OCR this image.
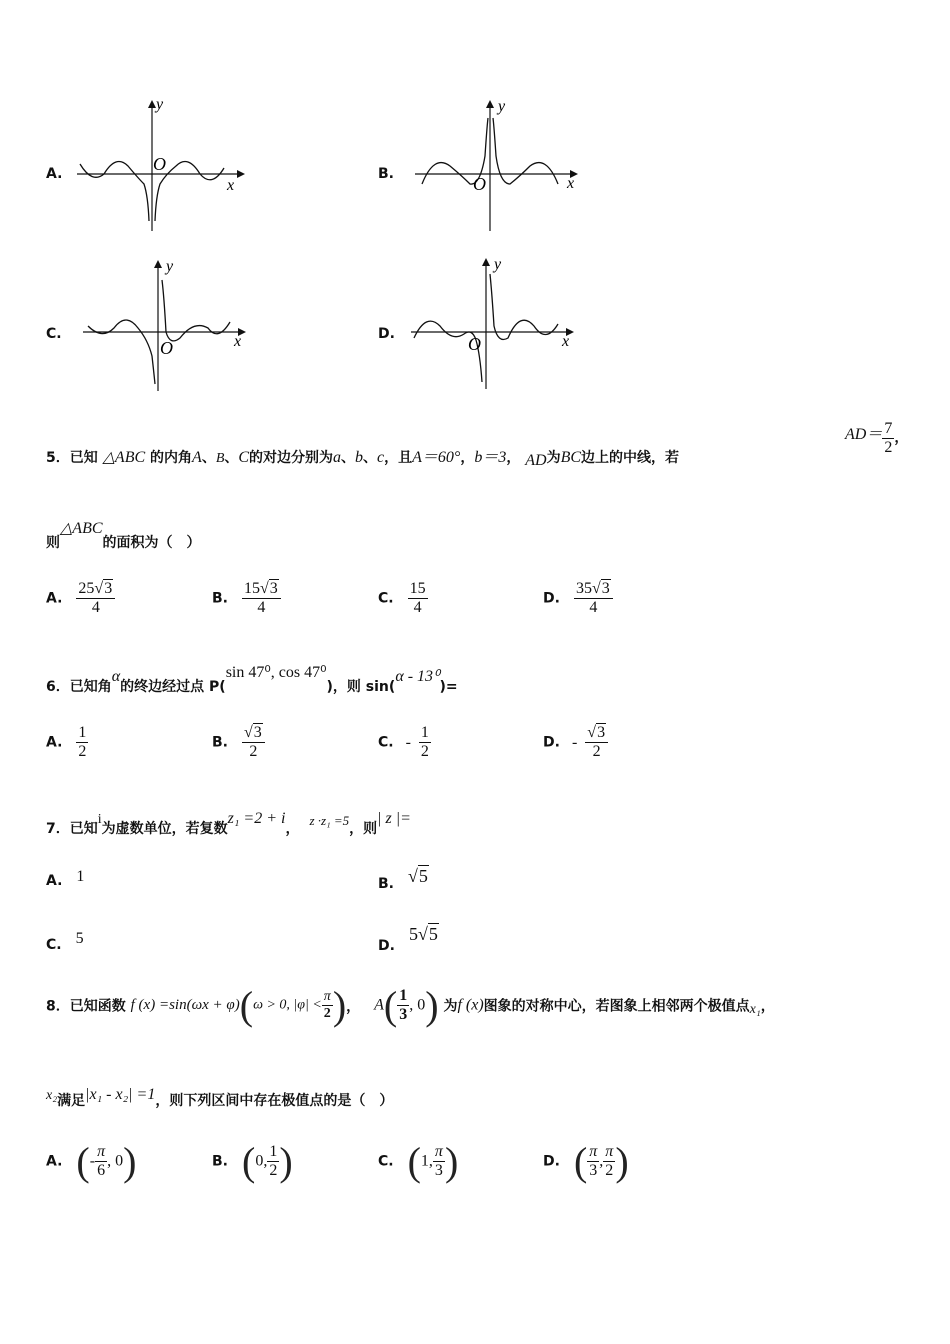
A.
y
x
O	B.
y
x
O
C.
y
x
O
D.
y
x
O
5．已知 △ABC 的内角A、B、C的对边分别为a、b、c，且A＝60°，b＝3， AD为BC边上的中线，若
$AD= \frac{7}{2}$ ，
则△ABC的面积为（　）
A. $\frac{25√3}{4}$	B. $\frac{15√3}{4}$	C. $\frac{15}{4}$	D. $\frac{35√3}{4}$
6．已知角α的终边经过点 P(sin 47⁰, cos 47⁰)，则 sin(α - 13⁰)=
A. $\frac{1}{2}$	B. $\frac{√3}{2}$	C. - $\frac{1}{2}$	D. - $\frac{√3}{2}$
7．已知i为虚数单位，若复数z₁ =2 + i，z ·z₁ =5，则| z |=
A. 1	B. √5
C. 5	D. 5√5
8．已知函数 f (x) =sin(ωx + φ)(ω > 0, $|\varphi| < \frac{\pi}{2}$ )， $A( \frac{1}{3}$ , 0) 为f (x)图象的对称中心，若图象上相邻两个极值点x₁，
x₂满足|x₁ - x₂| =1，则下列区间中存在极值点的是（　）
A. (- $\frac{\pi}{6}$ , 0)	B. (0, $\frac{1}{2}$ )	C. (1, $\frac{\pi}{3}$ )	D. ( $\frac{\pi}{3}$ , $\frac{\pi}{2}$ )
